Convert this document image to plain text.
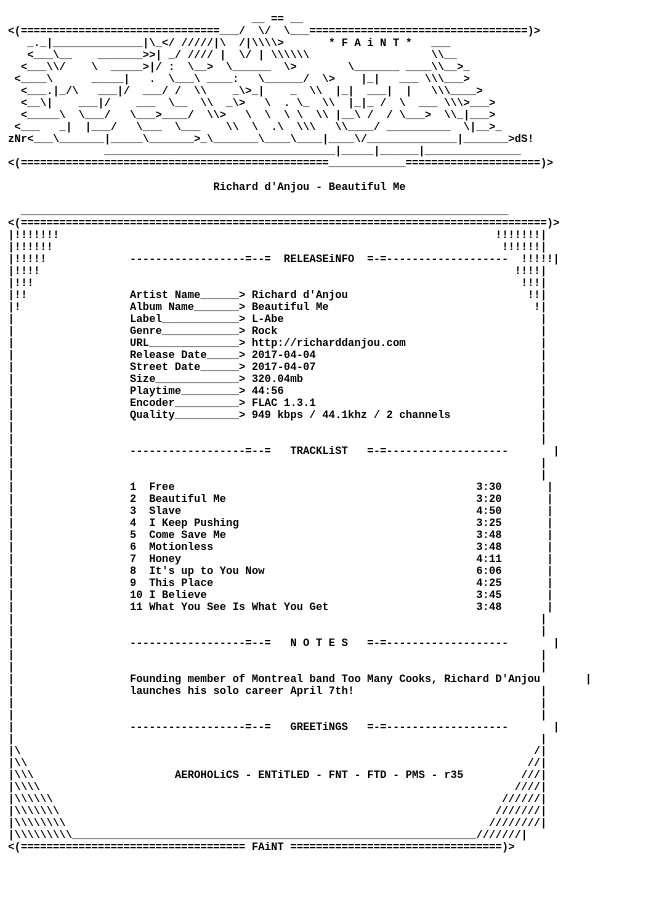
__ == __
<(===============================___/  \/  \___==================================)>
_._|______________|\_</ /////|\  /|\\\\>       * F A i N T *   ___
<___\__    _______>>| _/ //// |  \/ | \\\\\\                   \\__
<___\\/    \  _____>|/ :  \__>  \______  \>        \_______ ____\\__>_
<____\      _____|   .  \___\ ____:   \______/  \>    |_|   ___ \\\___>
<___.|_/\   ___|/  ___/ /  \\    _\>_|    _  \\  |_|  ___|  |   \\\____>
<__\|    ___|/    ___  \__  \\  _\>   \  . \_  \\  |_|_ /  \  ___ \\\>___>
<_____\  \___/   \___>____/  \\>   \  \  \ \  \\ |__\ /  / \___>  \\_|___>
<___   _|  |___/   \___  \___    \\  \  .\  \\\   \\____/ __________  \|__>_
zNr<___\_______|_____\_______>_\_______\____\____|____\/______________|_______>dS!
____________________________________|_____|______|_______________
<(================================================____________=====================)>
Richard d'Anjou - Beautiful Me
____________________________________________________________________________
<(==================================================================================)>
|!!!!!!!                                                                    !!!!!!!|
|!!!!!!                                                                      !!!!!!|
|!!!!!             ------------------=--=  RELEASEiNFO  =-=-------------------  !!!!!|
|!!!!                                                                          !!!!|
|!!!                                                                            !!!|
|!!                Artist Name______> Richard d'Anjou                            !!|
|!                 Album Name_______> Beautiful Me                                !|
|                  Label____________> L-Abe                                        |
|                  Genre____________> Rock                                         |
|                  URL______________> http://richarddanjou.com                     |
|                  Release Date_____> 2017-04-04                                   |
|                  Street Date______> 2017-04-07                                   |
|                  Size_____________> 320.04mb                                     |
|                  Playtime_________> 44:56                                        |
|                  Encoder__________> FLAC 1.3.1                                   |
|                  Quality__________> 949 kbps / 44.1khz / 2 channels              |
|                                                                                  |
|                                                                                  |
|                  ------------------=--=   TRACKLiST   =-=-------------------       |
|                                                                                  |
|                                                                                  |
|                  1  Free                                               3:30       |
|                  2  Beautiful Me                                       3:20       |
|                  3  Slave                                              4:50       |
|                  4  I Keep Pushing                                     3:25       |
|                  5  Come Save Me                                       3:48       |
|                  6  Motionless                                         3:48       |
|                  7  Honey                                              4:11       |
|                  8  It's up to You Now                                 6:06       |
|                  9  This Place                                         4:25       |
|                  10 I Believe                                          3:45       |
|                  11 What You See Is What You Get                       3:48       |
|                                                                                  |
|                                                                                  |
|                  ------------------=--=   N O T E S   =-=-------------------       |
|                                                                                  |
|                                                                                  |
|                  Founding member of Montreal band Too Many Cooks, Richard D'Anjou       |
|                  launches his solo career April 7th!                             |
|                                                                                  |
|                                                                                  |
|                  ------------------=--=   GREETiNGS   =-=-------------------       |
|                                                                                  |
|\                                                                                /|
|\\                                                                              //|
|\\\                      AEROHOLiCS - ENTiTLED - FNT - FTD - PMS - r35         ///|
|\\\\                                                                          ////|
|\\\\\\                                                                      //////|
|\\\\\\\                                                                    ///////|
|\\\\\\\\                                                                  ////////|
|\\\\\\\\\_______________________________________________________________///////|
<(=================================== FAiNT =================================)>
